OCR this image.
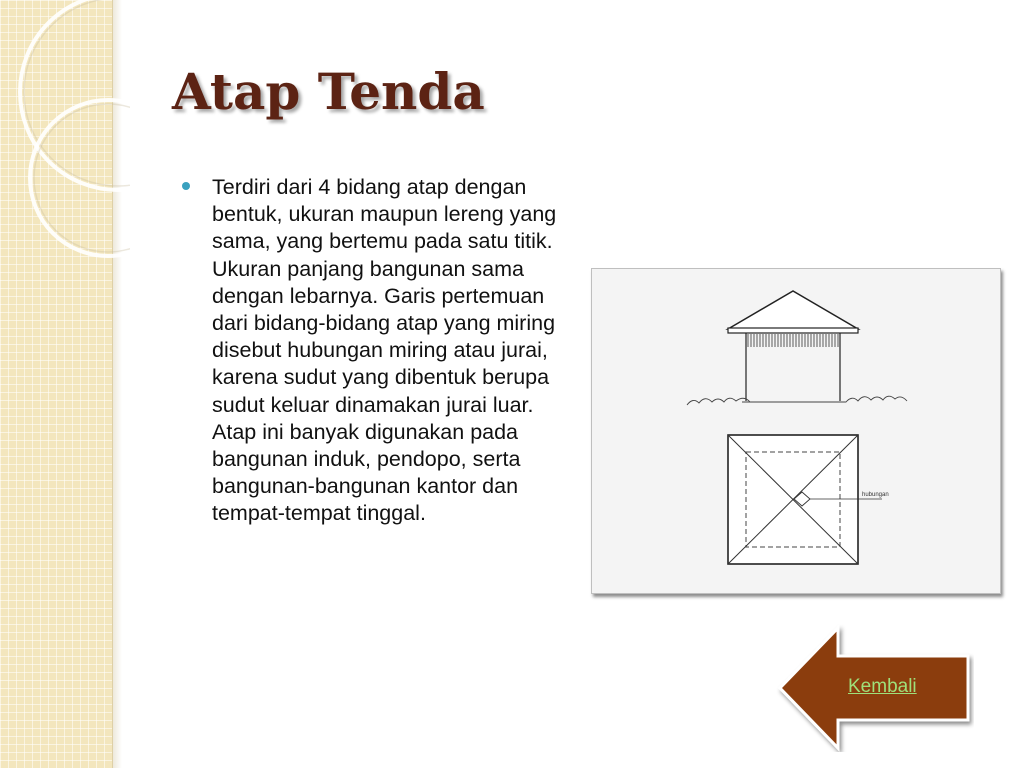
Atap Tenda

Terdiri dari 4 bidang atap dengan bentuk, ukuran maupun lereng yang sama, yang bertemu pada satu titik. Ukuran panjang bangunan sama dengan lebarnya. Garis pertemuan dari bidang-bidang atap yang miring disebut hubungan miring atau jurai, karena sudut yang dibentuk berupa sudut keluar dinamakan jurai luar. Atap ini banyak digunakan pada bangunan induk, pendopo, serta bangunan-bangunan kantor dan tempat-tempat tinggal.

hubungan
Kembali
